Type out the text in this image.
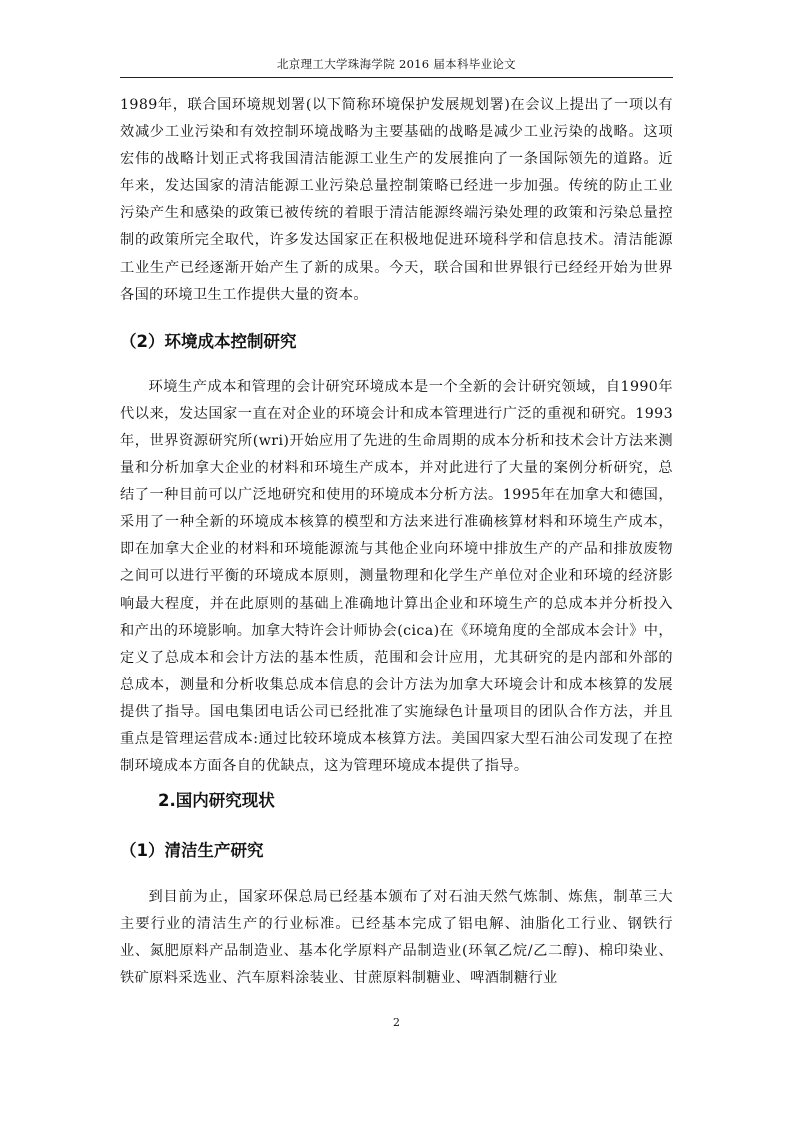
北京理工大学珠海学院 2016 届本科毕业论文

1989年，联合国环境规划署(以下简称环境保护发展规划署)在会议上提出了一项以有效减少工业污染和有效控制环境战略为主要基础的战略是减少工业污染的战略。这项宏伟的战略计划正式将我国清洁能源工业生产的发展推向了一条国际领先的道路。近年来，发达国家的清洁能源工业污染总量控制策略已经进一步加强。传统的防止工业污染产生和感染的政策已被传统的着眼于清洁能源终端污染处理的政策和污染总量控制的政策所完全取代，许多发达国家正在积极地促进环境科学和信息技术。清洁能源工业生产已经逐渐开始产生了新的成果。今天，联合国和世界银行已经经开始为世界各国的环境卫生工作提供大量的资本。

（2）环境成本控制研究

环境生产成本和管理的会计研究环境成本是一个全新的会计研究领域，自1990年代以来，发达国家一直在对企业的环境会计和成本管理进行广泛的重视和研究。1993年，世界资源研究所(wri)开始应用了先进的生命周期的成本分析和技术会计方法来测量和分析加拿大企业的材料和环境生产成本，并对此进行了大量的案例分析研究，总结了一种目前可以广泛地研究和使用的环境成本分析方法。1995年在加拿大和德国，采用了一种全新的环境成本核算的模型和方法来进行准确核算材料和环境生产成本，即在加拿大企业的材料和环境能源流与其他企业向环境中排放生产的产品和排放废物之间可以进行平衡的环境成本原则，测量物理和化学生产单位对企业和环境的经济影响最大程度，并在此原则的基础上准确地计算出企业和环境生产的总成本并分析投入和产出的环境影响。加拿大特许会计师协会(cica)在《环境角度的全部成本会计》中，定义了总成本和会计方法的基本性质，范围和会计应用，尤其研究的是内部和外部的总成本，测量和分析收集总成本信息的会计方法为加拿大环境会计和成本核算的发展提供了指导。国电集团电话公司已经批准了实施绿色计量项目的团队合作方法，并且重点是管理运营成本:通过比较环境成本核算方法。美国四家大型石油公司发现了在控制环境成本方面各自的优缺点，这为管理环境成本提供了指导。

2.国内研究现状
（1）清洁生产研究

到目前为止，国家环保总局已经基本颁布了对石油天然气炼制、炼焦，制革三大主要行业的清洁生产的行业标准。已经基本完成了铝电解、油脂化工行业、钢铁行业、氮肥原料产品制造业、基本化学原料产品制造业(环氧乙烷/乙二醇)、棉印染业、铁矿原料采选业、汽车原料涂装业、甘蔗原料制糖业、啤酒制糖行业

2
